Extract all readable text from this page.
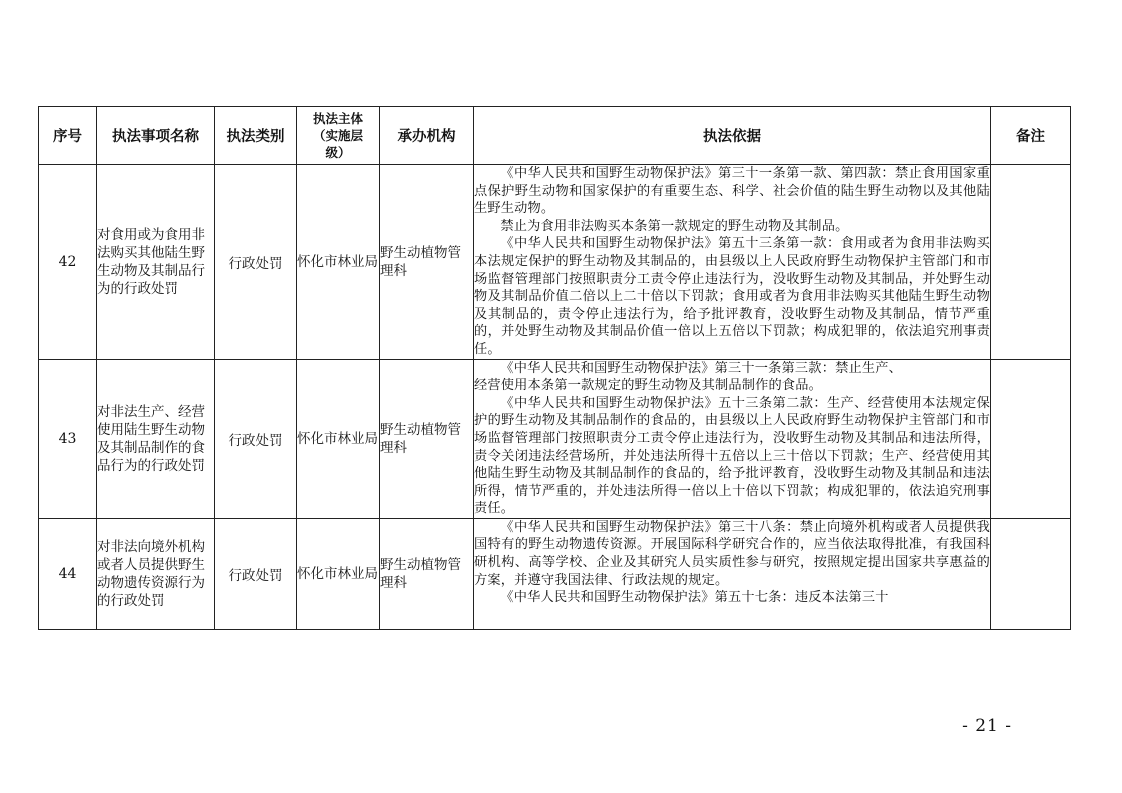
序号	执法事项名称	执法类别	执法主体
（实施层
级）	承办机构	执法依据	备注
42	对食用或为食用非法购买其他陆生野生动物及其制品行为的行政处罚	行政处罚	怀化市林业局	野生动植物管理科	《中华人民共和国野生动物保护法》第三十一条第一款、第四款：禁止食用国家重点保护野生动物和国家保护的有重要生态、科学、社会价值的陆生野生动物以及其他陆生野生动物。

禁止为食用非法购买本条第一款规定的野生动物及其制品。

《中华人民共和国野生动物保护法》第五十三条第一款：食用或者为食用非法购买本法规定保护的野生动物及其制品的，由县级以上人民政府野生动物保护主管部门和市场监督管理部门按照职责分工责令停止违法行为，没收野生动物及其制品，并处野生动物及其制品价值二倍以上二十倍以下罚款；食用或者为食用非法购买其他陆生野生动物及其制品的，责令停止违法行为，给予批评教育，没收野生动物及其制品，情节严重的，并处野生动物及其制品价值一倍以上五倍以下罚款；构成犯罪的，依法追究刑事责任。	

43	对非法生产、经营使用陆生野生动物及其制品制作的食品行为的行政处罚	行政处罚	怀化市林业局	野生动植物管理科	《中华人民共和国野生动物保护法》第三十一条第三款：禁止生产、

经营使用本条第一款规定的野生动物及其制品制作的食品。

《中华人民共和国野生动物保护法》五十三条第二款：生产、经营使用本法规定保护的野生动物及其制品制作的食品的，由县级以上人民政府野生动物保护主管部门和市场监督管理部门按照职责分工责令停止违法行为，没收野生动物及其制品和违法所得，责令关闭违法经营场所，并处违法所得十五倍以上三十倍以下罚款；生产、经营使用其他陆生野生动物及其制品制作的食品的，给予批评教育，没收野生动物及其制品和违法所得，情节严重的，并处违法所得一倍以上十倍以下罚款；构成犯罪的，依法追究刑事责任。	

44	对非法向境外机构或者人员提供野生动物遗传资源行为的行政处罚	行政处罚	怀化市林业局	野生动植物管理科	《中华人民共和国野生动物保护法》第三十八条：禁止向境外机构或者人员提供我国特有的野生动物遗传资源。开展国际科学研究合作的，应当依法取得批准，有我国科研机构、高等学校、企业及其研究人员实质性参与研究，按照规定提出国家共享惠益的方案，并遵守我国法律、行政法规的规定。

《中华人民共和国野生动物保护法》第五十七条：违反本法第三十	

- 21 -
